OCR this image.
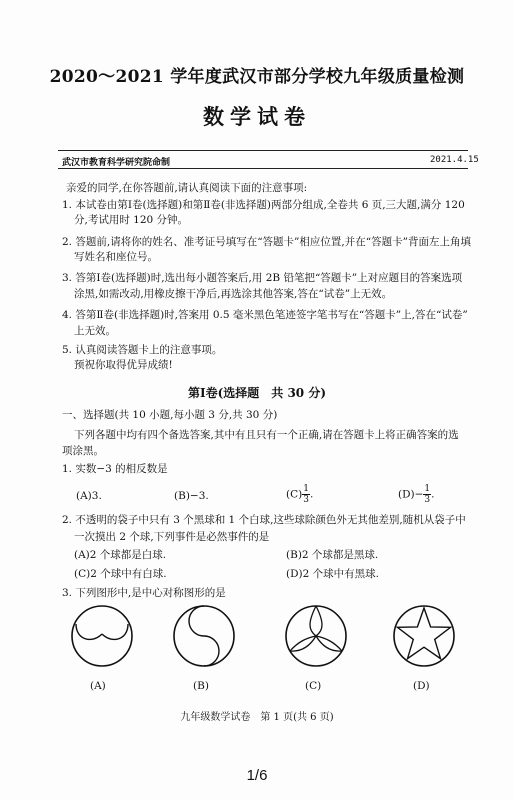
2020～2021 学年度武汉市部分学校九年级质量检测
数学试卷
武汉市教育科学研究院命制	2021.4.15
亲爱的同学,在你答题前,请认真阅读下面的注意事项:
1. 本试卷由第Ⅰ卷(选择题)和第Ⅱ卷(非选择题)两部分组成,全卷共 6 页,三大题,满分 120
分,考试用时 120 分钟。
2. 答题前,请将你的姓名、准考证号填写在“答题卡”相应位置,并在“答题卡”背面左上角填
写姓名和座位号。
3. 答第Ⅰ卷(选择题)时,选出每小题答案后,用 2B 铅笔把“答题卡”上对应题目的答案选项
涂黑,如需改动,用橡皮擦干净后,再选涂其他答案,答在“试卷”上无效。
4. 答第Ⅱ卷(非选择题)时,答案用 0.5 毫米黑色笔迹签字笔书写在“答题卡”上,答在“试卷”
上无效。
5. 认真阅读答题卡上的注意事项。
预祝你取得优异成绩!
第Ⅰ卷(选择题　共 30 分)
一、选择题(共 10 小题,每小题 3 分,共 30 分)
下列各题中均有四个备选答案,其中有且只有一个正确,请在答题卡上将正确答案的选
项涂黑。
1. 实数−3 的相反数是
(A)3.	(B)−3.	$(C) \frac{1}{3}$ .	$(D)- \frac{1}{3}$ .
2. 不透明的袋子中只有 3 个黑球和 1 个白球,这些球除颜色外无其他差别,随机从袋子中
一次摸出 2 个球,下列事件是必然事件的是
(A)2 个球都是白球.	(B)2 个球都是黑球.
(C)2 个球中有白球.	(D)2 个球中有黑球.
3. 下列图形中,是中心对称图形的是
(A)	(B)	(C)	(D)
九年级数学试卷　第 1 页(共 6 页)
1/6
